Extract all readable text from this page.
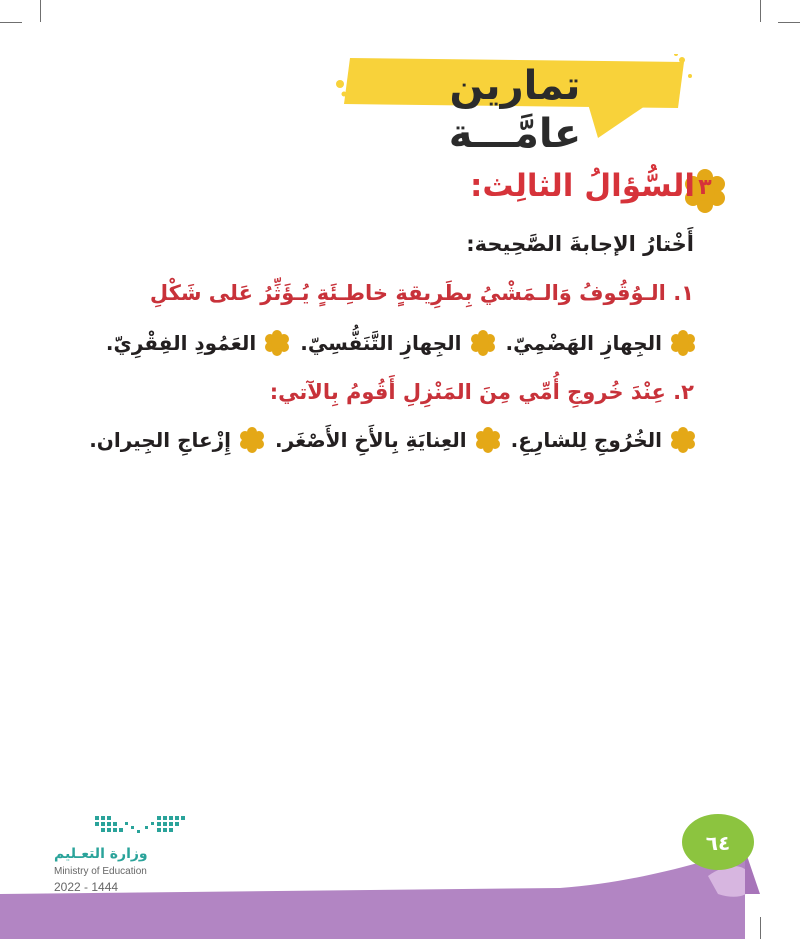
تمارين عامَّـــة
٣
السُّؤالُ الثالِث:
أَخْتارُ الإجابةَ الصَّحِيحة:
١. الـوُقُوفُ وَالـمَشْيُ بِطَرِيقةٍ خاطِـئَةٍ يُـؤَثِّرُ عَلى شَكْلِ
الجِهازِ الهَضْمِيّ.
الجِهازِ التَّنَفُّسِيّ.
العَمُودِ الفِقْرِيّ.
٢. عِنْدَ خُروجِ أُمِّي مِنَ المَنْزِلِ أَقُومُ بِالآتي:
الخُرُوجِ لِلشارِعِ.
العِنايَةِ بِالأَخِ الأَصْغَر.
إِزْعاجِ الجِيران.
٦٤
وزارة التعـليم
Ministry of Education
2022 - 1444
